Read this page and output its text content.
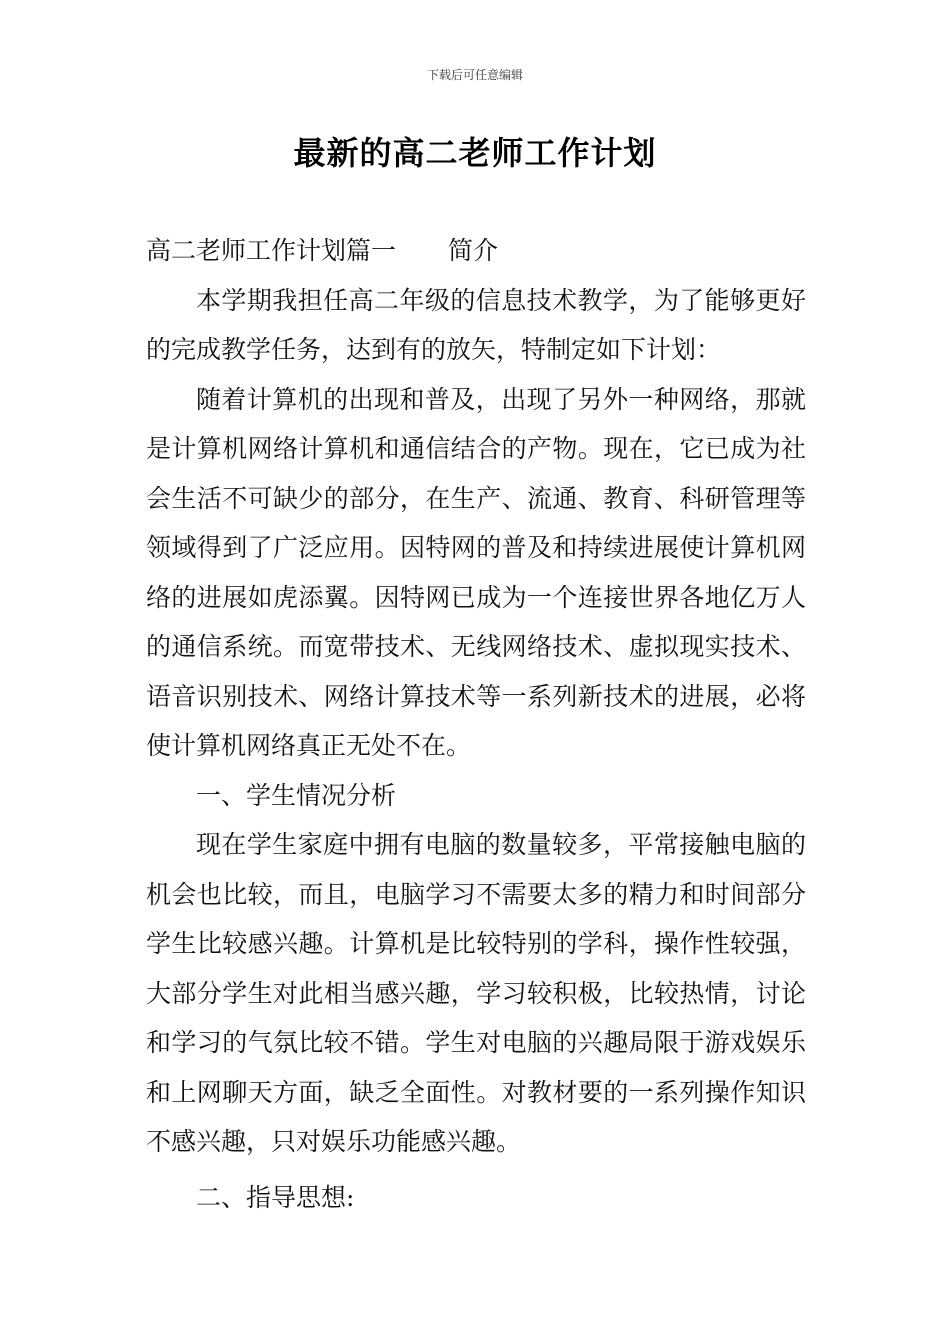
下载后可任意编辑
最新的高二老师工作计划

高二老师工作计划篇一 简介

本学期我担任高二年级的信息技术教学，为了能够更好的完成教学任务，达到有的放矢，特制定如下计划：

随着计算机的出现和普及，出现了另外一种网络，那就是计算机网络计算机和通信结合的产物。现在，它已成为社会生活不可缺少的部分，在生产、流通、教育、科研管理等领域得到了广泛应用。因特网的普及和持续进展使计算机网络的进展如虎添翼。因特网已成为一个连接世界各地亿万人的通信系统。而宽带技术、无线网络技术、虚拟现实技术、语音识别技术、网络计算技术等一系列新技术的进展，必将使计算机网络真正无处不在。

一、学生情况分析

现在学生家庭中拥有电脑的数量较多，平常接触电脑的机会也比较，而且，电脑学习不需要太多的精力和时间部分学生比较感兴趣。计算机是比较特别的学科，操作性较强，大部分学生对此相当感兴趣，学习较积极，比较热情，讨论和学习的气氛比较不错。学生对电脑的兴趣局限于游戏娱乐和上网聊天方面，缺乏全面性。对教材要的一系列操作知识不感兴趣，只对娱乐功能感兴趣。

二、指导思想:
